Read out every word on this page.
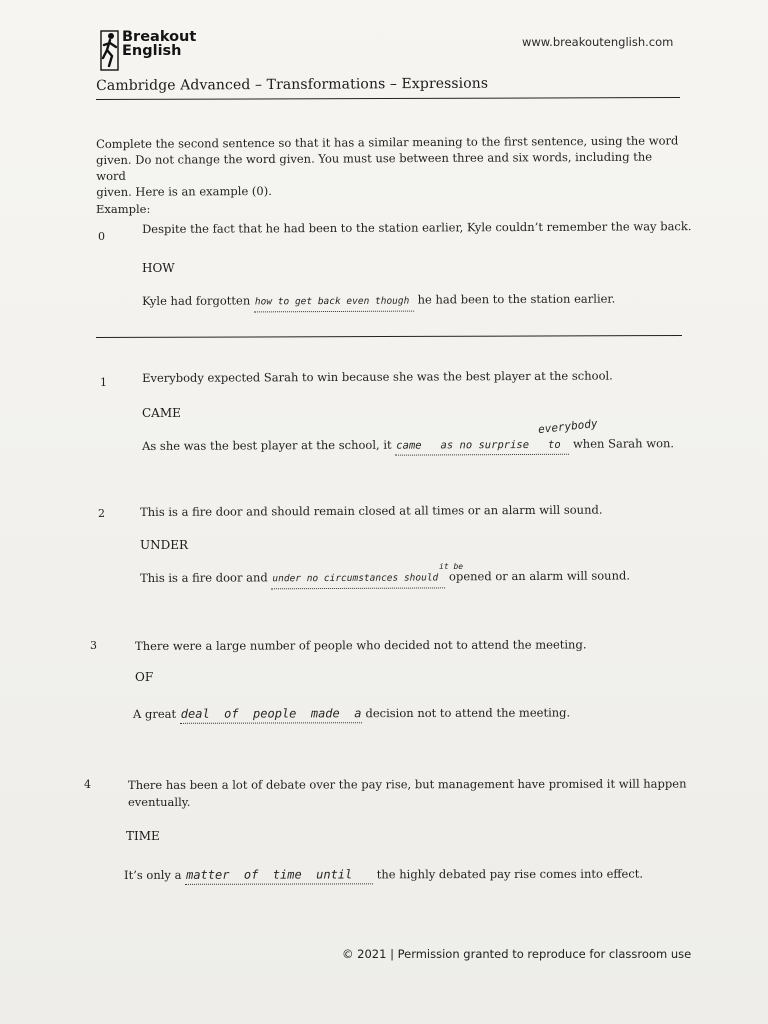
Breakout
English
www.breakoutenglish.com
Cambridge Advanced – Transformations – Expressions
Complete the second sentence so that it has a similar meaning to the first sentence, using the word
given. Do not change the word given. You must use between three and six words, including the word
given. Here is an example (0).
Example:
0
Despite the fact that he had been to the station earlier, Kyle couldn’t remember the way back.
HOW
Kyle had forgotten how to get back even though he had been to the station earlier.
1	Everybody expected Sarah to win because she was the best player at the school.
CAME
everybody
As she was the best player at the school, it came   as no surprise   to when Sarah won.
2	This is a fire door and should remain closed at all times or an alarm will sound.
UNDER
it be
This is a fire door and under no circumstances should opened or an alarm will sound.
3	There were a large number of people who decided not to attend the meeting.
OF
A great deal  of  people  made  a decision not to attend the meeting.
4	There has been a lot of debate over the pay rise, but management have promised it will happen
eventually.
TIME
It’s only a matter  of  time  until the highly debated pay rise comes into effect.
© 2021 | Permission granted to reproduce for classroom use
